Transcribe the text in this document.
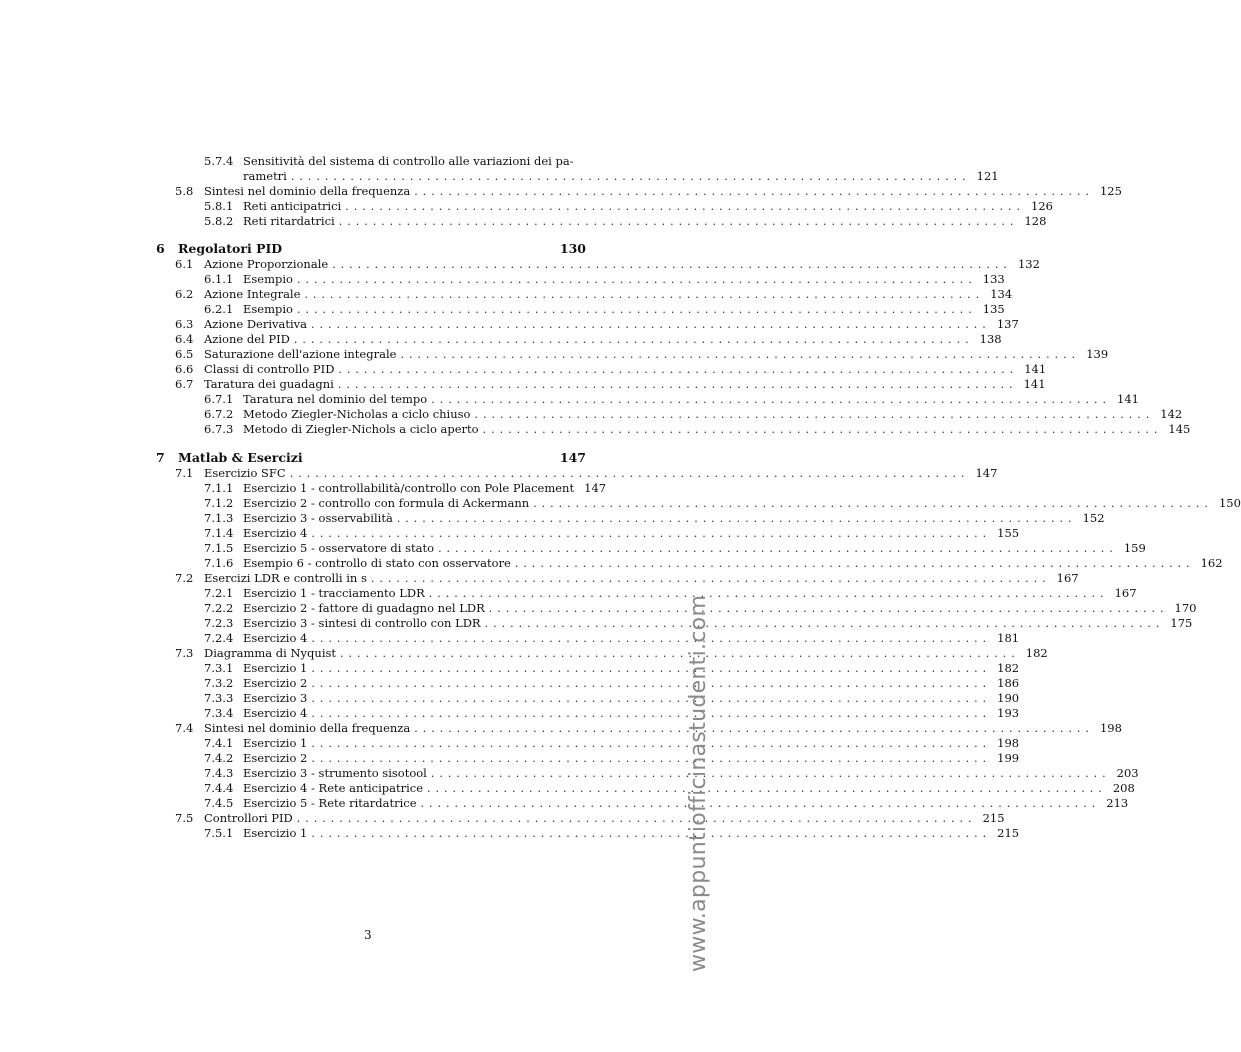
5.7.4 Sensitività del sistema di controllo alle variazioni dei pa-
rametri ................................................................................ 121
5.8 Sintesi nel dominio della frequenza ................................................................................ 125
5.8.1 Reti anticipatrici ................................................................................ 126
5.8.2 Reti ritardatrici ................................................................................ 128
6 Regolatori PID	130
6.1 Azione Proporzionale ................................................................................ 132
6.1.1 Esempio ................................................................................ 133
6.2 Azione Integrale ................................................................................ 134
6.2.1 Esempio ................................................................................ 135
6.3 Azione Derivativa ................................................................................ 137
6.4 Azione del PID ................................................................................ 138
6.5 Saturazione dell'azione integrale ................................................................................ 139
6.6 Classi di controllo PID ................................................................................ 141
6.7 Taratura dei guadagni ................................................................................ 141
6.7.1 Taratura nel dominio del tempo ................................................................................ 141
6.7.2 Metodo Ziegler-Nicholas a ciclo chiuso ................................................................................ 142
6.7.3 Metodo di Ziegler-Nichols a ciclo aperto ................................................................................ 145
7 Matlab & Esercizi	147
7.1 Esercizio SFC ................................................................................ 147
7.1.1 Esercizio 1 - controllabilità/controllo con Pole Placement 147
7.1.2 Esercizio 2 - controllo con formula di Ackermann ................................................................................ 150
7.1.3 Esercizio 3 - osservabilità ................................................................................ 152
7.1.4 Esercizio 4 ................................................................................ 155
7.1.5 Esercizio 5 - osservatore di stato ................................................................................ 159
7.1.6 Esempio 6 - controllo di stato con osservatore ................................................................................ 162
7.2 Esercizi LDR e controlli in s ................................................................................ 167
7.2.1 Esercizio 1 - tracciamento LDR ................................................................................ 167
7.2.2 Esercizio 2 - fattore di guadagno nel LDR ................................................................................ 170
7.2.3 Esercizio 3 - sintesi di controllo con LDR ................................................................................ 175
7.2.4 Esercizio 4 ................................................................................ 181
7.3 Diagramma di Nyquist ................................................................................ 182
7.3.1 Esercizio 1 ................................................................................ 182
7.3.2 Esercizio 2 ................................................................................ 186
7.3.3 Esercizio 3 ................................................................................ 190
7.3.4 Esercizio 4 ................................................................................ 193
7.4 Sintesi nel dominio della frequenza ................................................................................ 198
7.4.1 Esercizio 1 ................................................................................ 198
7.4.2 Esercizio 2 ................................................................................ 199
7.4.3 Esercizio 3 - strumento sisotool ................................................................................ 203
7.4.4 Esercizio 4 - Rete anticipatrice ................................................................................ 208
7.4.5 Esercizio 5 - Rete ritardatrice ................................................................................ 213
7.5 Controllori PID ................................................................................ 215
7.5.1 Esercizio 1 ................................................................................ 215
3	www.appuntiofficinastudenti.com
